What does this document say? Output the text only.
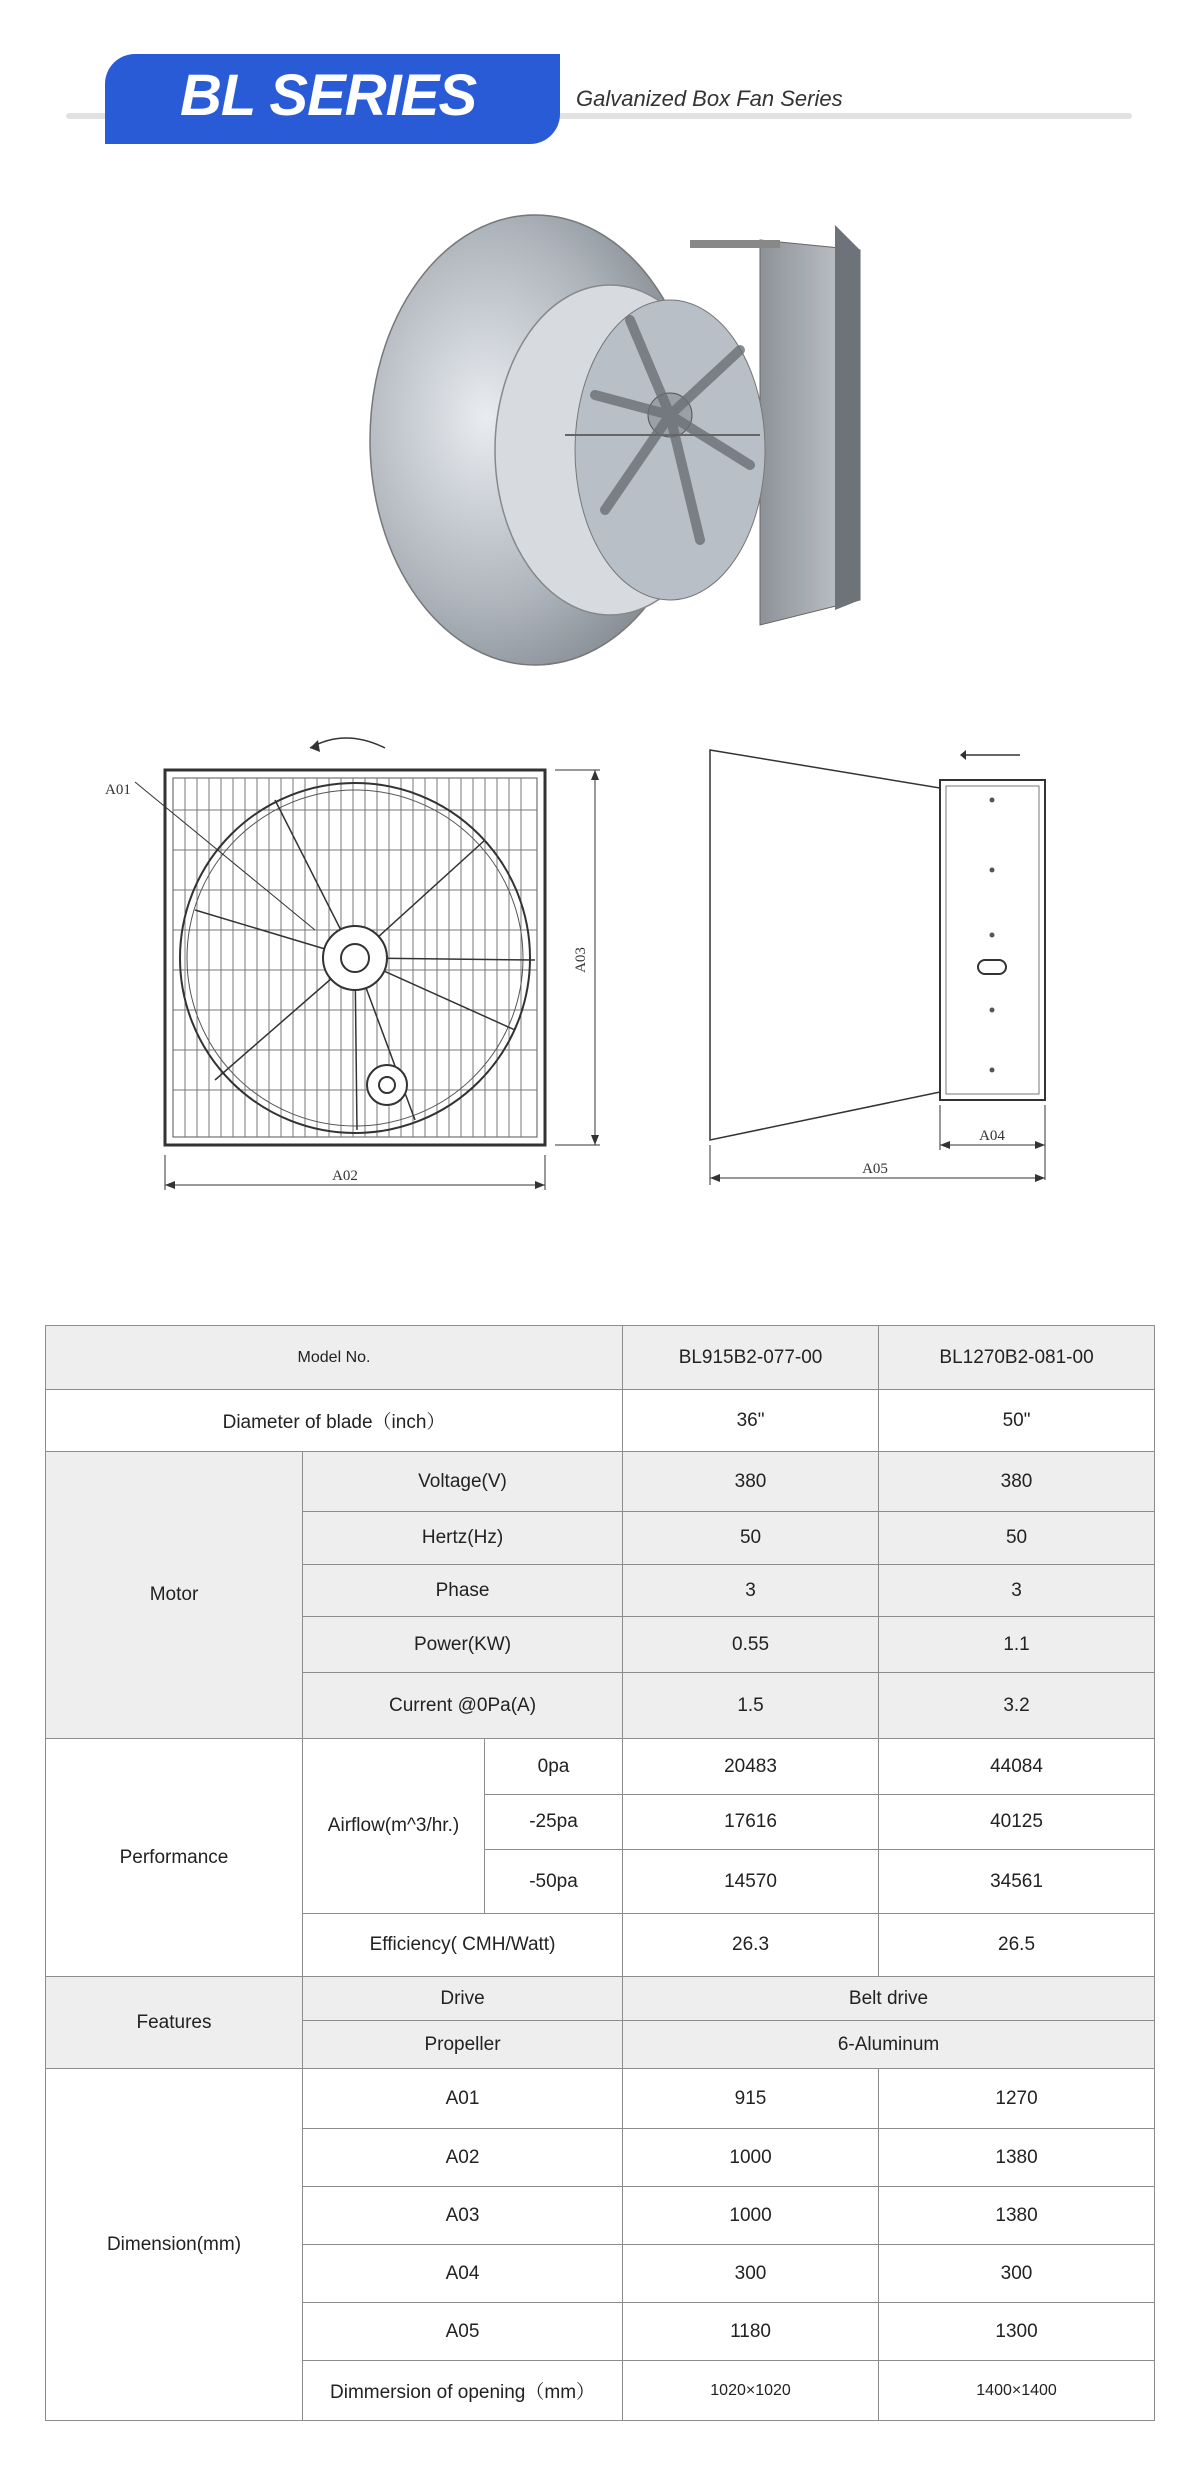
BL SERIES	Galvanized Box Fan Series
A01
A02
A03
A04
A05
Model No.			BL915B2-077-00	BL1270B2-081-00
Diameter of blade（inch）			36"	50"
Motor	Voltage(V)		380	380
	Hertz(Hz)		50	50
	Phase		3	3
	Power(KW)		0.55	1.1
	Current @0Pa(A)		1.5	3.2
Performance	Airflow(m^3/hr.)	0pa	20483	44084
		-25pa	17616	40125
		-50pa	14570	34561
	Efficiency( CMH/Watt)		26.3	26.5
Features	Drive		Belt drive	
	Propeller		6-Aluminum	
Dimension(mm)	A01		915	1270
	A02		1000	1380
	A03		1000	1380
	A04		300	300
	A05		1180	1300
	Dimmersion of opening（mm）		1020×1020	1400×1400
